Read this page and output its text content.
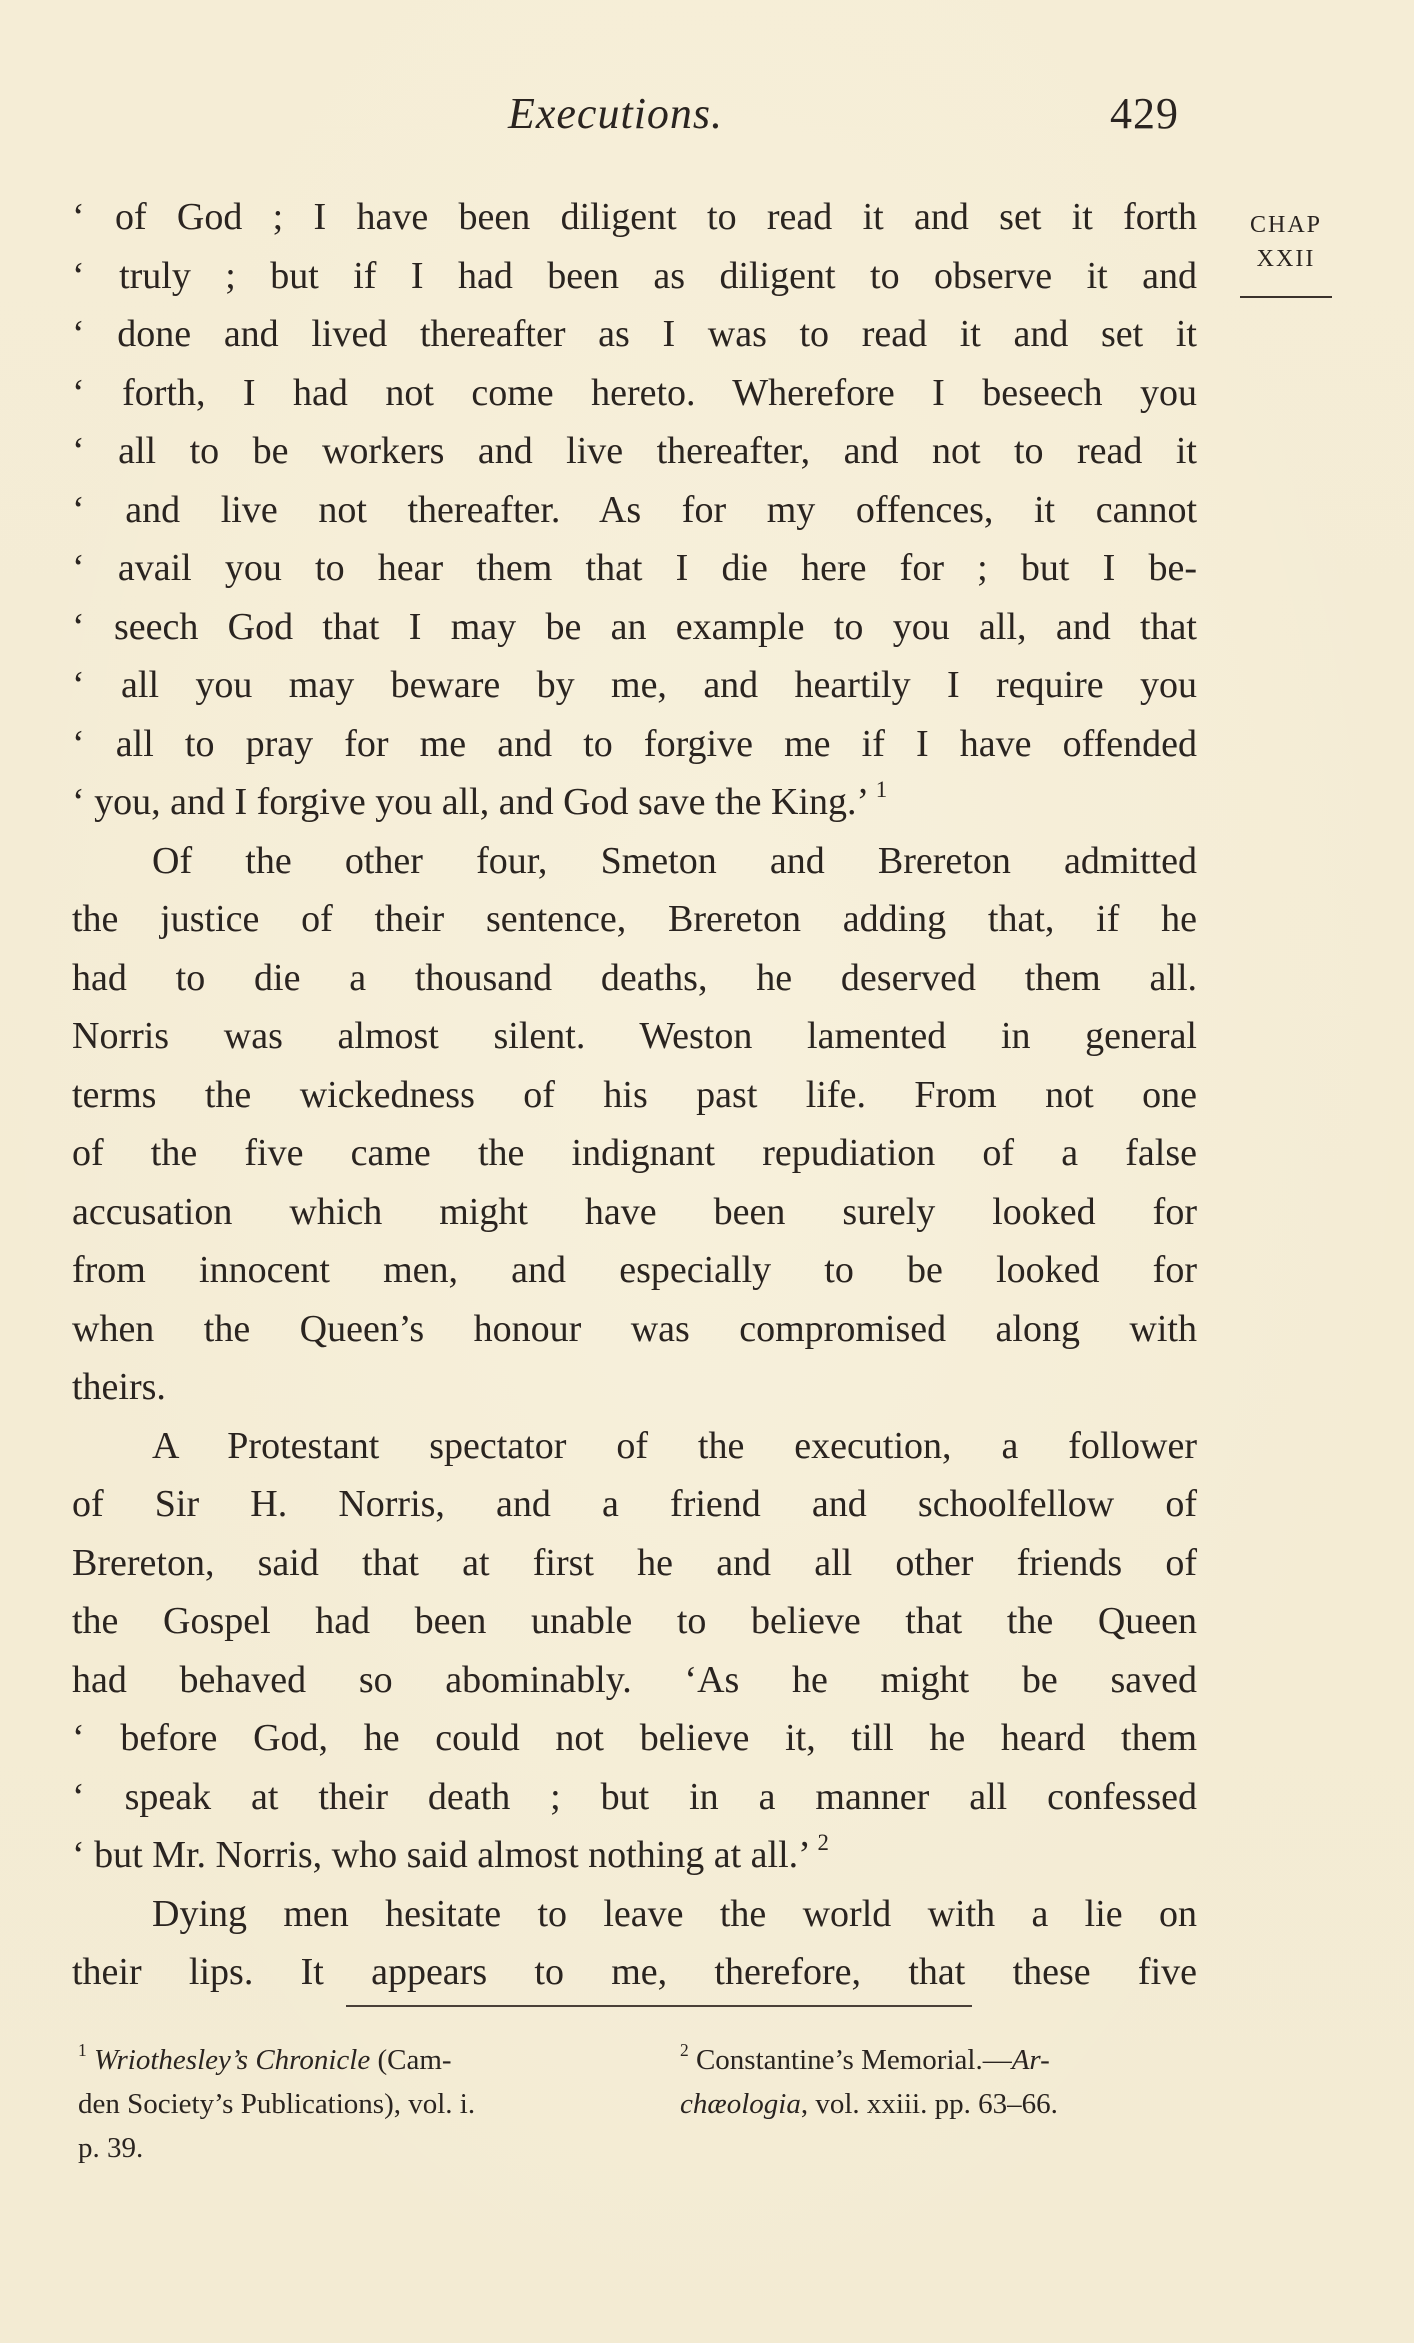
Executions.	429
CHAP
XXII
‘ of God ; I have been diligent to read it and set it forth
‘ truly ; but if I had been as diligent to observe it and
‘ done and lived thereafter as I was to read it and set it
‘ forth, I had not come hereto. Wherefore I beseech you
‘ all to be workers and live thereafter, and not to read it
‘ and live not thereafter. As for my offences, it cannot
‘ avail you to hear them that I die here for ; but I be-
‘ seech God that I may be an example to you all, and that
‘ all you may beware by me, and heartily I require you
‘ all to pray for me and to forgive me if I have offended
‘ you, and I forgive you all, and God save the King.’ $^1$
Of the other four, Smeton and Brereton admitted
the justice of their sentence, Brereton adding that, if he
had to die a thousand deaths, he deserved them all.
Norris was almost silent. Weston lamented in general
terms the wickedness of his past life. From not one
of the five came the indignant repudiation of a false
accusation which might have been surely looked for
from innocent men, and especially to be looked for
when the Queen’s honour was compromised along with
theirs.
A Protestant spectator of the execution, a follower
of Sir H. Norris, and a friend and schoolfellow of
Brereton, said that at first he and all other friends of
the Gospel had been unable to believe that the Queen
had behaved so abominably. ‘As he might be saved
‘ before God, he could not believe it, till he heard them
‘ speak at their death ; but in a manner all confessed
‘ but Mr. Norris, who said almost nothing at all.’ $^2$
Dying men hesitate to leave the world with a lie on
their lips. It appears to me, therefore, that these five
$^1$ Wriothesley’s Chronicle (Cam-
den Society’s Publications), vol. i.
p. 39.
$^2$ Constantine’s Memorial.—Ar-
chæologia, vol. xxiii. pp. 63–66.
